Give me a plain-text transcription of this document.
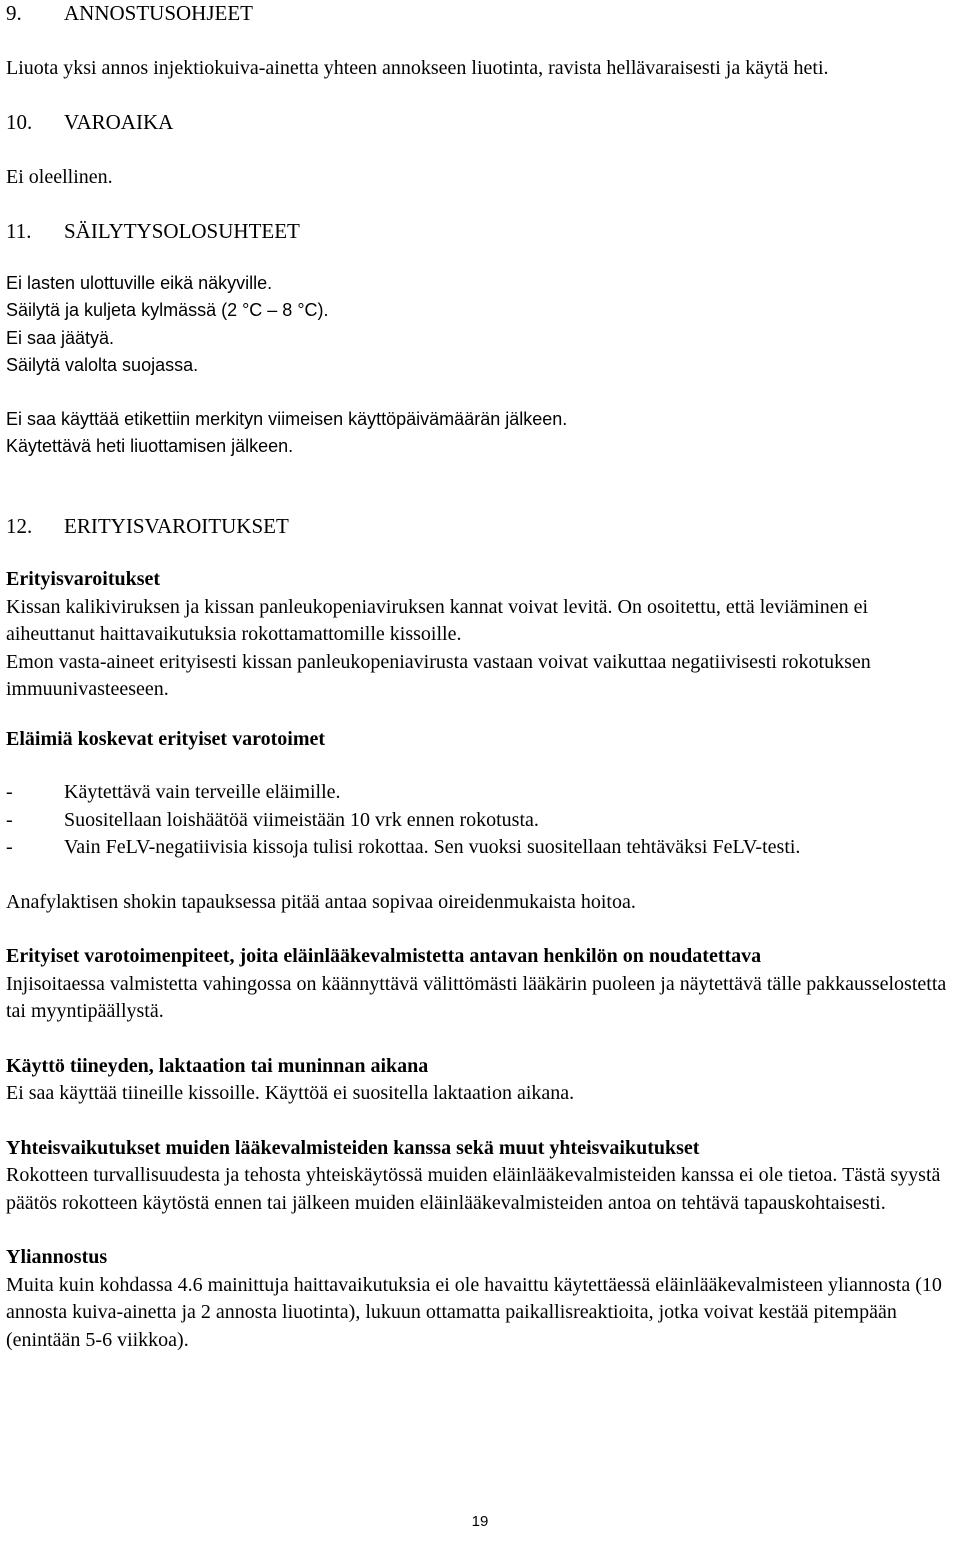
9.	ANNOSTUSOHJEET

Liuota yksi annos injektiokuiva-ainetta yhteen annokseen liuotinta, ravista hellävaraisesti ja käytä heti.

10.	VAROAIKA

Ei oleellinen.

11.	SÄILYTYSOLOSUHTEET

Ei lasten ulottuville eikä näkyville.

Säilytä ja kuljeta kylmässä (2 °C – 8 °C).

Ei saa jäätyä.

Säilytä valolta suojassa.

Ei saa käyttää etikettiin merkityn viimeisen käyttöpäivämäärän jälkeen.

Käytettävä heti liuottamisen jälkeen.

12.	ERITYISVAROITUKSET

Erityisvaroitukset

Kissan kalikiviruksen ja kissan panleukopeniaviruksen kannat voivat levitä. On osoitettu, että leviäminen ei aiheuttanut haittavaikutuksia rokottamattomille kissoille.

Emon vasta-aineet erityisesti kissan panleukopeniavirusta vastaan voivat vaikuttaa negatiivisesti rokotuksen immuunivasteeseen.

Eläimiä koskevat erityiset varotoimet

-	Käytettävä vain terveille eläimille.
-	Suositellaan loishäätöä viimeistään 10 vrk ennen rokotusta.
-	Vain FeLV-negatiivisia kissoja tulisi rokottaa. Sen vuoksi suositellaan tehtäväksi FeLV-testi.

Anafylaktisen shokin tapauksessa pitää antaa sopivaa oireidenmukaista hoitoa.

Erityiset varotoimenpiteet, joita eläinlääkevalmistetta antavan henkilön on noudatettava

Injisoitaessa valmistetta vahingossa on käännyttävä välittömästi lääkärin puoleen ja näytettävä tälle pakkausselostetta tai myyntipäällystä.

Käyttö tiineyden, laktaation tai muninnan aikana

Ei saa käyttää tiineille kissoille. Käyttöä ei suositella laktaation aikana.

Yhteisvaikutukset muiden lääkevalmisteiden kanssa sekä muut yhteisvaikutukset

Rokotteen turvallisuudesta ja tehosta yhteiskäytössä muiden eläinlääkevalmisteiden kanssa ei ole tietoa. Tästä syystä päätös rokotteen käytöstä ennen tai jälkeen muiden eläinlääkevalmisteiden antoa on tehtävä tapauskohtaisesti.

Yliannostus

Muita kuin kohdassa 4.6 mainittuja haittavaikutuksia ei ole havaittu käytettäessä eläinlääkevalmisteen yliannosta (10 annosta kuiva-ainetta ja 2 annosta liuotinta), lukuun ottamatta paikallisreaktioita, jotka voivat kestää pitempään (enintään 5-6 viikkoa).

19
